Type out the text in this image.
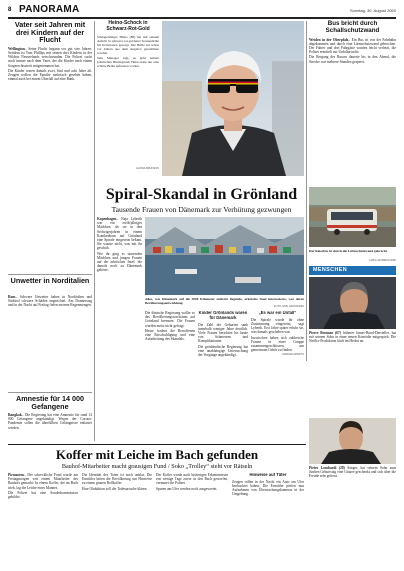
8 PANORAMA	Sonntag, 30. August 2020
Vater seit Jahren mit drei Kindern auf der Flucht

Wellington– Seine Flucht begann vor gut vier Jahren: Seitdem ist Tom Phillips mit seinen drei Kindern in der Wildnis Neuseelands verschwunden. Die Polizei sucht noch immer nach dem Vater, der die Kinder nach einem Sorgerechtsstreit mitgenommen hat.

Die Kinder waren damals zwei, fünf und acht Jahre alt. Zeugen wollen die Familie mehrfach gesehen haben, einmal auch bei einem Überfall auf eine Bank.

Unwetter in Norditalien

Rom– Schwere Unwetter haben in Norditalien und Südtirol schwere Schäden angerichtet. Am Donnerstag und in der Nacht auf Freitag fielen enorme Regenmengen.

Amnestie für 14 000 Gefangene

Bangkok– Die Regierung hat eine Amnestie für rund 14 000 Gefangene angekündigt. Wegen der Corona-Pandemie sollen die überfüllten Gefängnisse entlastet werden.

Heino-Schock in Schwarz-Rot-Gold

Schlagersänger Heino (80) hat mit seinem Auftritt in schwarz-rot-goldener Sonnenbrille für Irritationen gesorgt. Die Brille sei schon vor Jahren aus dem Angebot genommen worden.

Sein Manager sagt, es gebe keinen politischen Hintergrund, Heino habe nur eine schöne Brille aufsetzen wollen.

HANNA BRÜNSON
Bus bricht durch Schallschutzwand

Weiden in der Oberpfalz– Ein Bus ist von der Fahrbahn abgekommen und durch eine Lärmschutzwand gebrochen. Der Fahrer und drei Fahrgäste wurden leicht verletzt, die Polizei ermittelt zur Unfallursache.

Die Bergung des Busses dauerte bis in den Abend, die Strecke war mehrere Stunden gesperrt.

Der Reisebus ist durch die Lärmschutzwand gekracht.
LARS HAUBRICH/DPA
MENSCHEN
Pierce Brosnan (67) früherer James-Bond-Darsteller, hat mit seinem Sohn in einer neuen Komödie mitgespielt. Die Netflix-Produktion läuft im Herbst an.
Pietro Lombardi (28) Sänger, hat seinem Sohn zum fünften Geburtstag eine Gitarre geschenkt und sich über die Freude sehr gefreut.
Spiral-Skandal in Grönland
Tausende Frauen von Dänemark zur Verhütung gezwungen
Alles, was Dänemark auf die 3000 Kilometer entfernt liegende, arktische Insel interessierte, war deren Bevölkerungsentwicklung.
FOTO: EMIL HELMS/DPA

Kopenhagen– Naja Lyberth war ein zwölfjähriges Mädchen, als sie in den Sechzigerjahren in einem Krankenhaus auf Grönland eine Spirale eingesetzt bekam. Sie wusste nicht, was mit ihr geschah.

Wie ihr ging es tausenden Mädchen und jungen Frauen auf der arktischen Insel, die damals noch zu Dänemark gehörte.

Die dänische Regierung wollte so das Bevölkerungswachstum auf Grönland bremsen. Die Frauen wurden meist nicht gefragt.

Heute fordern die Betroffenen eine Entschuldigung und eine Aufarbeitung des Skandals.

Kinder Grönlands waren für Dänemark

Die Zahl der Geburten sank innerhalb weniger Jahre deutlich. Viele Frauen berichten bis heute von Schmerzen und Komplikationen.

Die grönländische Regierung hat eine unabhängige Untersuchung der Vorgänge angekündigt.

„Es war ein Unfall“

Die Spirale wurde ihr ohne Zustimmung eingesetzt, sagt Lyberth. Erst Jahre später erfuhr sie, was damals geschehen war.

Inzwischen haben sich zahlreiche Frauen in einer Gruppe zusammengeschlossen, um gemeinsam Gehör zu finden.

MARIAM ARNDTS
Koffer mit Leiche im Bach gefunden
Bauhof-Mitarbeiter macht grausigen Fund / Soko „Trolley“ steht vor Rätseln

Pirmasens– Der schreckliche Fund wurde am Freitagmorgen von einem Mitarbeiter des Bauhofs gemacht: In einem Koffer, der im Bach trieb, lag die Leiche eines Mannes.

Die Polizei hat eine Sonderkommission gebildet.

Die Identität des Toten ist noch unklar. Die Ermittler bitten die Bevölkerung um Hinweise zu einem grauen Rollkoffer.

Eine Obduktion soll die Todesursache klären.

Der Koffer wurde nach bisherigen Erkenntnissen erst wenige Tage zuvor in den Bach geworfen, vermutet die Polizei.

Spuren am Ufer werden noch ausgewertet.

Hinweise auf Täter

Zeugen sollen in der Nacht ein Auto am Ufer beobachtet haben. Die Ermittler prüfen nun Aufnahmen von Überwachungskameras in der Umgebung.
